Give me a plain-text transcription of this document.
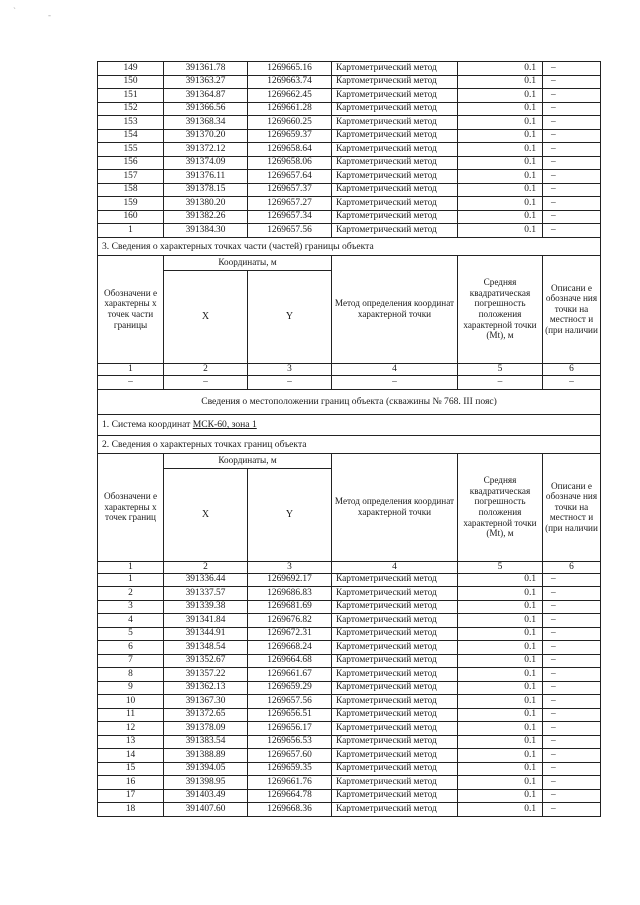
`	-
149	391361.78	1269665.16	Картометрический метод	0.1	–
150	391363.27	1269663.74	Картометрический метод	0.1	–
151	391364.87	1269662.45	Картометрический метод	0.1	–
152	391366.56	1269661.28	Картометрический метод	0.1	–
153	391368.34	1269660.25	Картометрический метод	0.1	–
154	391370.20	1269659.37	Картометрический метод	0.1	–
155	391372.12	1269658.64	Картометрический метод	0.1	–
156	391374.09	1269658.06	Картометрический метод	0.1	–
157	391376.11	1269657.64	Картометрический метод	0.1	–
158	391378.15	1269657.37	Картометрический метод	0.1	–
159	391380.20	1269657.27	Картометрический метод	0.1	–
160	391382.26	1269657.34	Картометрический метод	0.1	–
1	391384.30	1269657.56	Картометрический метод	0.1	–
3. Сведения о характерных точках части (частей) границы объекта					
Обозначени е характерны х точек части границы	Координаты, м		Метод определения координат характерной точки	Средняя квадратическая погрешность положения характерной точки (Mt), м	Описани е обозначе ния точки на местност и (при наличии
	X	Y			
1	2	3	4	5	6
–	–	–	–	–	–
Сведения о местоположении границ объекта (скважины № 768. III пояс)					
1. Система координат МСК-60, зона 1					
2. Сведения о характерных точках границ объекта					
Обозначени е характерны х точек границ	Координаты, м		Метод определения координат характерной точки	Средняя квадратическая погрешность положения характерной точки (Mt), м	Описани е обозначе ния точки на местност и (при наличии
	X	Y			
1	2	3	4	5	6
1	391336.44	1269692.17	Картометрический метод	0.1	–
2	391337.57	1269686.83	Картометрический метод	0.1	–
3	391339.38	1269681.69	Картометрический метод	0.1	–
4	391341.84	1269676.82	Картометрический метод	0.1	–
5	391344.91	1269672.31	Картометрический метод	0.1	–
6	391348.54	1269668.24	Картометрический метод	0.1	–
7	391352.67	1269664.68	Картометрический метод	0.1	–
8	391357.22	1269661.67	Картометрический метод	0.1	–
9	391362.13	1269659.29	Картометрический метод	0.1	–
10	391367.30	1269657.56	Картометрический метод	0.1	–
11	391372.65	1269656.51	Картометрический метод	0.1	–
12	391378.09	1269656.17	Картометрический метод	0.1	–
13	391383.54	1269656.53	Картометрический метод	0.1	–
14	391388.89	1269657.60	Картометрический метод	0.1	–
15	391394.05	1269659.35	Картометрический метод	0.1	–
16	391398.95	1269661.76	Картометрический метод	0.1	–
17	391403.49	1269664.78	Картометрический метод	0.1	–
18	391407.60	1269668.36	Картометрический метод	0.1	–
